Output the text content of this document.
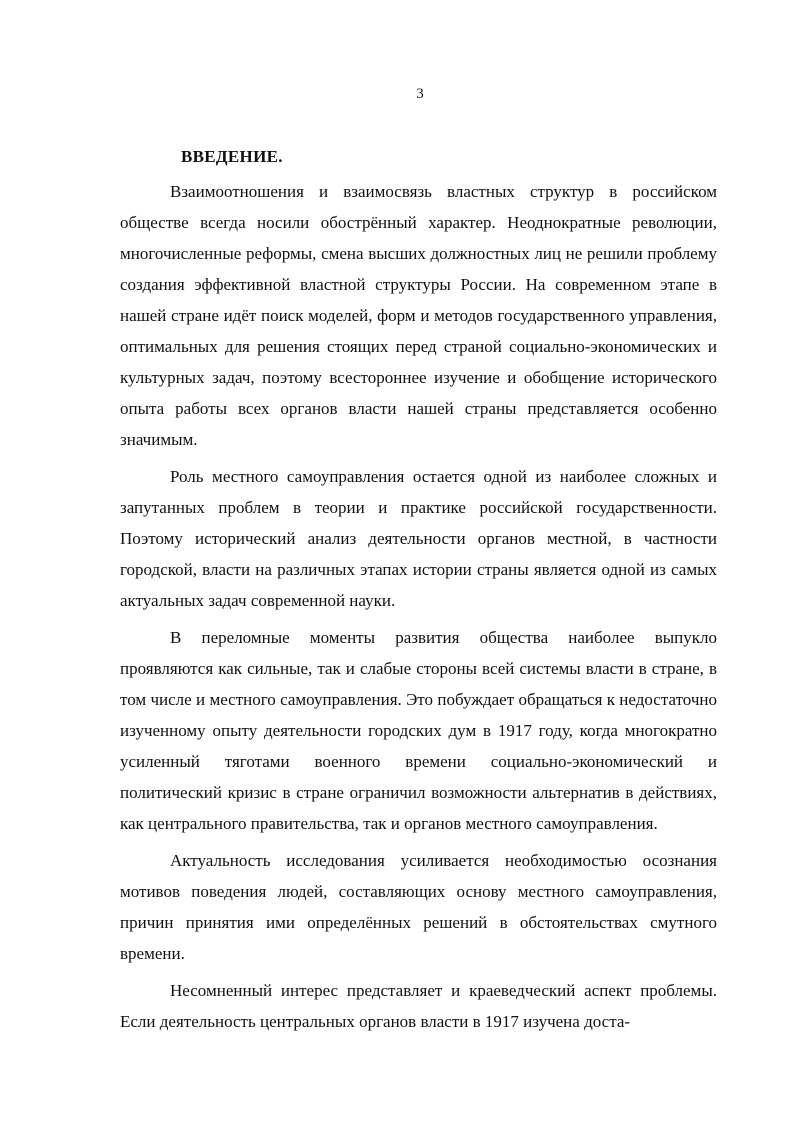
3
ВВЕДЕНИЕ.

Взаимоотношения и взаимосвязь властных структур в российском обществе всегда носили обострённый характер. Неоднократные революции, многочисленные реформы, смена высших должностных лиц не решили проблему создания эффективной властной структуры России. На современном этапе в нашей стране идёт поиск моделей, форм и методов государственного управления, оптимальных для решения стоящих перед страной социально-экономических и культурных задач, поэтому всестороннее изучение и обобщение исторического опыта работы всех органов власти нашей страны представляется особенно значимым.

Роль местного самоуправления остается одной из наиболее сложных и запутанных проблем в теории и практике российской государственности. Поэтому исторический анализ деятельности органов местной, в частности городской, власти на различных этапах истории страны является одной из самых актуальных задач современной науки.

В переломные моменты развития общества наиболее выпукло проявляются как сильные, так и слабые стороны всей системы власти в стране, в том числе и местного самоуправления. Это побуждает обращаться к недостаточно изученному опыту деятельности городских дум в 1917 году, когда многократно усиленный тяготами военного времени социально-экономический и политический кризис в стране ограничил возможности альтернатив в действиях, как центрального правительства, так и органов местного самоуправления.

Актуальность исследования усиливается необходимостью осознания мотивов поведения людей, составляющих основу местного самоуправления, причин принятия ими определённых решений в обстоятельствах смутного времени.

Несомненный интерес представляет и краеведческий аспект проблемы. Если деятельность центральных органов власти в 1917 изучена доста-
